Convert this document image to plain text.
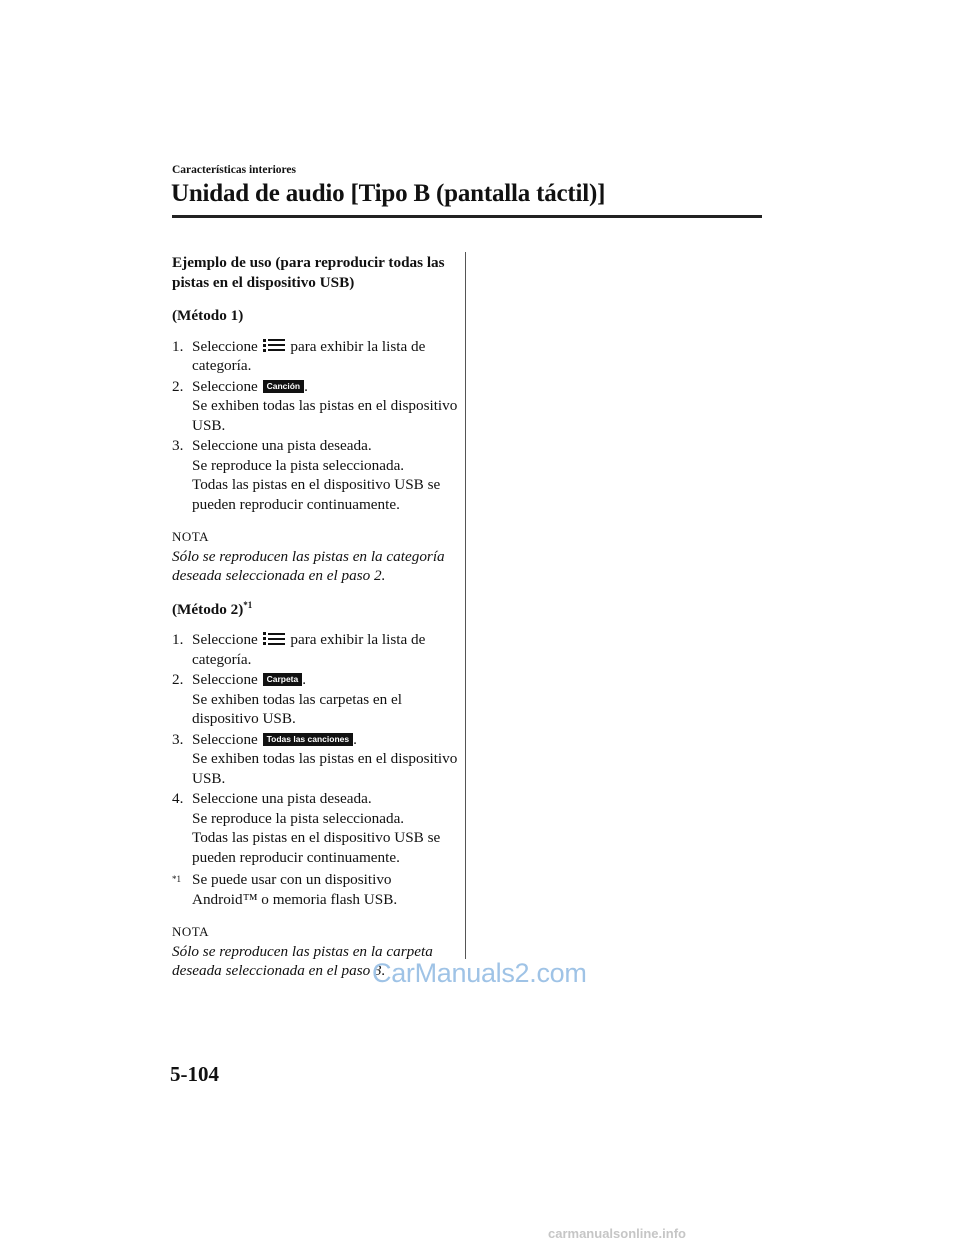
Características interiores
Unidad de audio [Tipo B (pantalla táctil)]
Ejemplo de uso (para reproducir todas las pistas en el dispositivo USB)
(Método 1)
1. Seleccione para exhibir la lista de categoría.
2. Seleccione Canción .
Se exhiben todas las pistas en el dispositivo USB.
3. Seleccione una pista deseada.
Se reproduce la pista seleccionada.
Todas las pistas en el dispositivo USB se pueden reproducir continuamente.
NOTA
Sólo se reproducen las pistas en la categoría deseada seleccionada en el paso 2.
(Método 2)$^{*1}$
1. Seleccione para exhibir la lista de categoría.
2. Seleccione Carpeta .
Se exhiben todas las carpetas en el dispositivo USB.
3. Seleccione Todas las canciones .
Se exhiben todas las pistas en el dispositivo USB.
4. Seleccione una pista deseada.
Se reproduce la pista seleccionada.
Todas las pistas en el dispositivo USB se pueden reproducir continuamente.
*1 Se puede usar con un dispositivo Android™ o memoria flash USB.
NOTA
Sólo se reproducen las pistas en la carpeta deseada seleccionada en el paso 3.
CarManuals2.com
5-104
carmanualsonline.info
